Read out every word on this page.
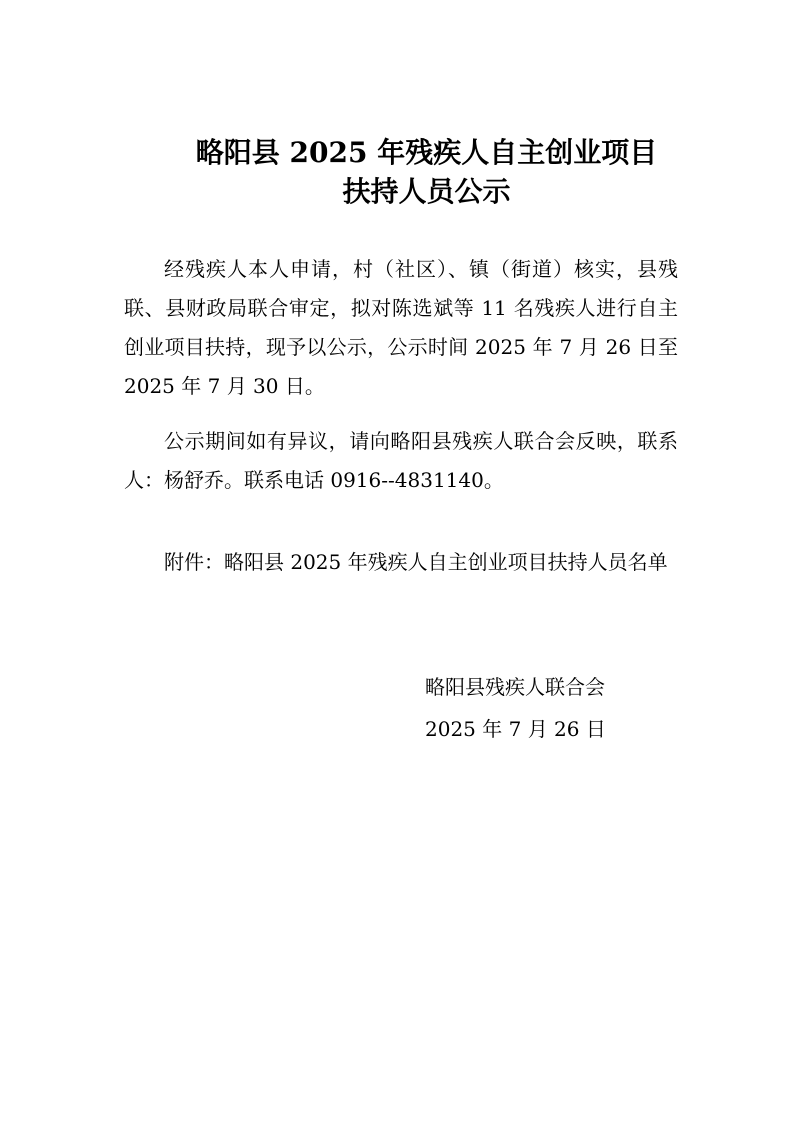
略阳县 2025 年残疾人自主创业项目
扶持人员公示

经残疾人本人申请，村（社区）、镇（街道）核实，县残联、县财政局联合审定，拟对陈选斌等 11 名残疾人进行自主创业项目扶持，现予以公示，公示时间 2025 年 7 月 26 日至 2025 年 7 月 30 日。

公示期间如有异议，请向略阳县残疾人联合会反映，联系人：杨舒乔。联系电话 0916--4831140。

附件：略阳县 2025 年残疾人自主创业项目扶持人员名单

略阳县残疾人联合会

2025 年 7 月 26 日
